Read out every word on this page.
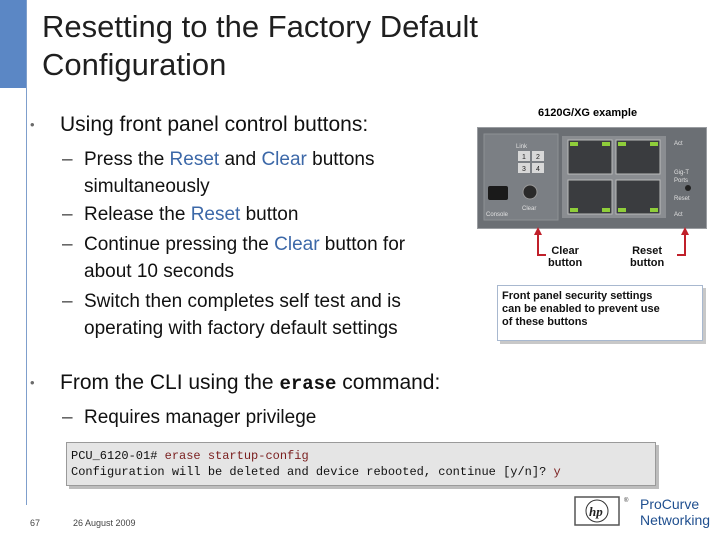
Resetting to the Factory Default
Configuration
• Using front panel control buttons:
– Press the Reset and Clear buttons
simultaneously
– Release the Reset button
– Continue pressing the Clear button for
about 10 seconds
– Switch then completes self test and is
operating with factory default settings
• From the CLI using the erase command:
– Requires manager privilege
6120G/XG example
Link
1 2
3 4
Console
Clear
Act
Gig-T
Ports
Reset
Act
Clear
button
Reset
button
Front panel security settings
can be enabled to prevent use
of these buttons
PCU_6120-01# erase startup-config
Configuration will be deleted and device rebooted, continue [y/n]? y
67	26 August 2009
hp
® ProCurve
Networking
